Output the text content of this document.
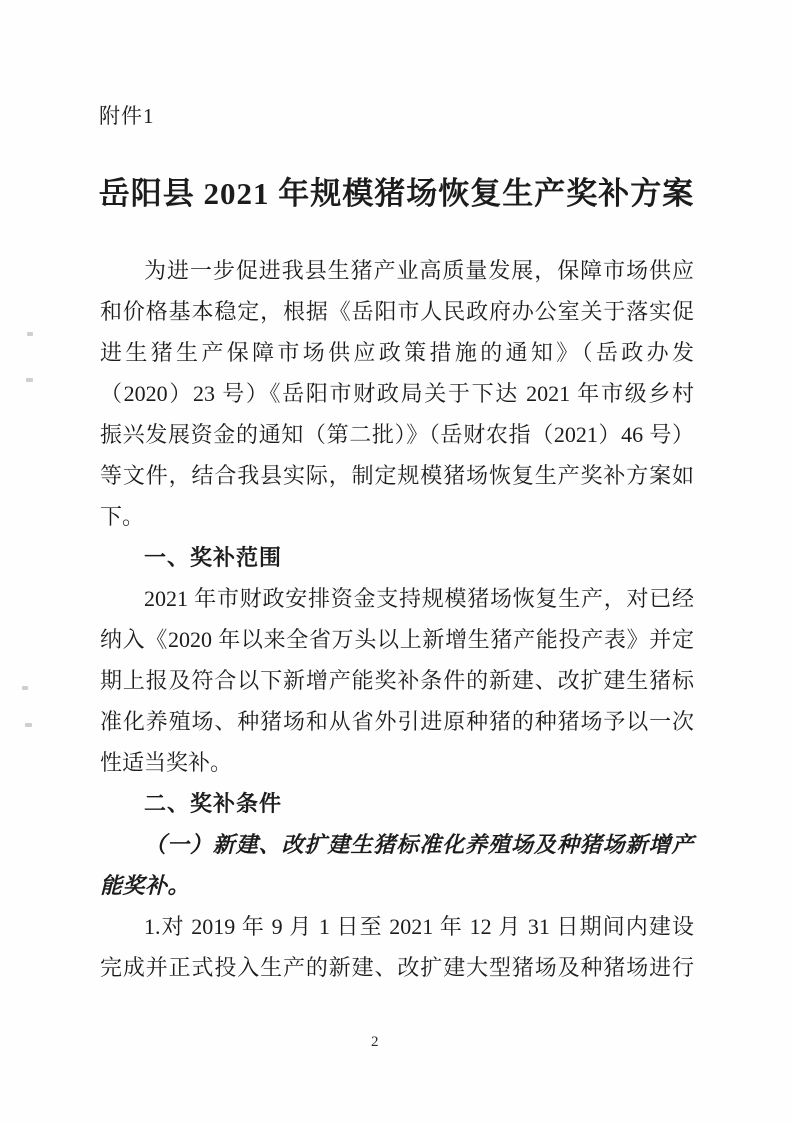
附件1
岳阳县 2021 年规模猪场恢复生产奖补方案
为进一步促进我县生猪产业高质量发展，保障市场供应
和价格基本稳定，根据《岳阳市人民政府办公室关于落实促
进生猪生产保障市场供应政策措施的通知》（岳政办发
（2020）23 号）《岳阳市财政局关于下达 2021 年市级乡村
振兴发展资金的通知（第二批）》（岳财农指（2021）46 号）
等文件，结合我县实际，制定规模猪场恢复生产奖补方案如
下。
一、奖补范围
2021 年市财政安排资金支持规模猪场恢复生产，对已经
纳入《2020 年以来全省万头以上新增生猪产能投产表》并定
期上报及符合以下新增产能奖补条件的新建、改扩建生猪标
准化养殖场、种猪场和从省外引进原种猪的种猪场予以一次
性适当奖补。
二、奖补条件
（一）新建、改扩建生猪标准化养殖场及种猪场新增产
能奖补。
1.对 2019 年 9 月 1 日至 2021 年 12 月 31 日期间内建设
完成并正式投入生产的新建、改扩建大型猪场及种猪场进行
2
